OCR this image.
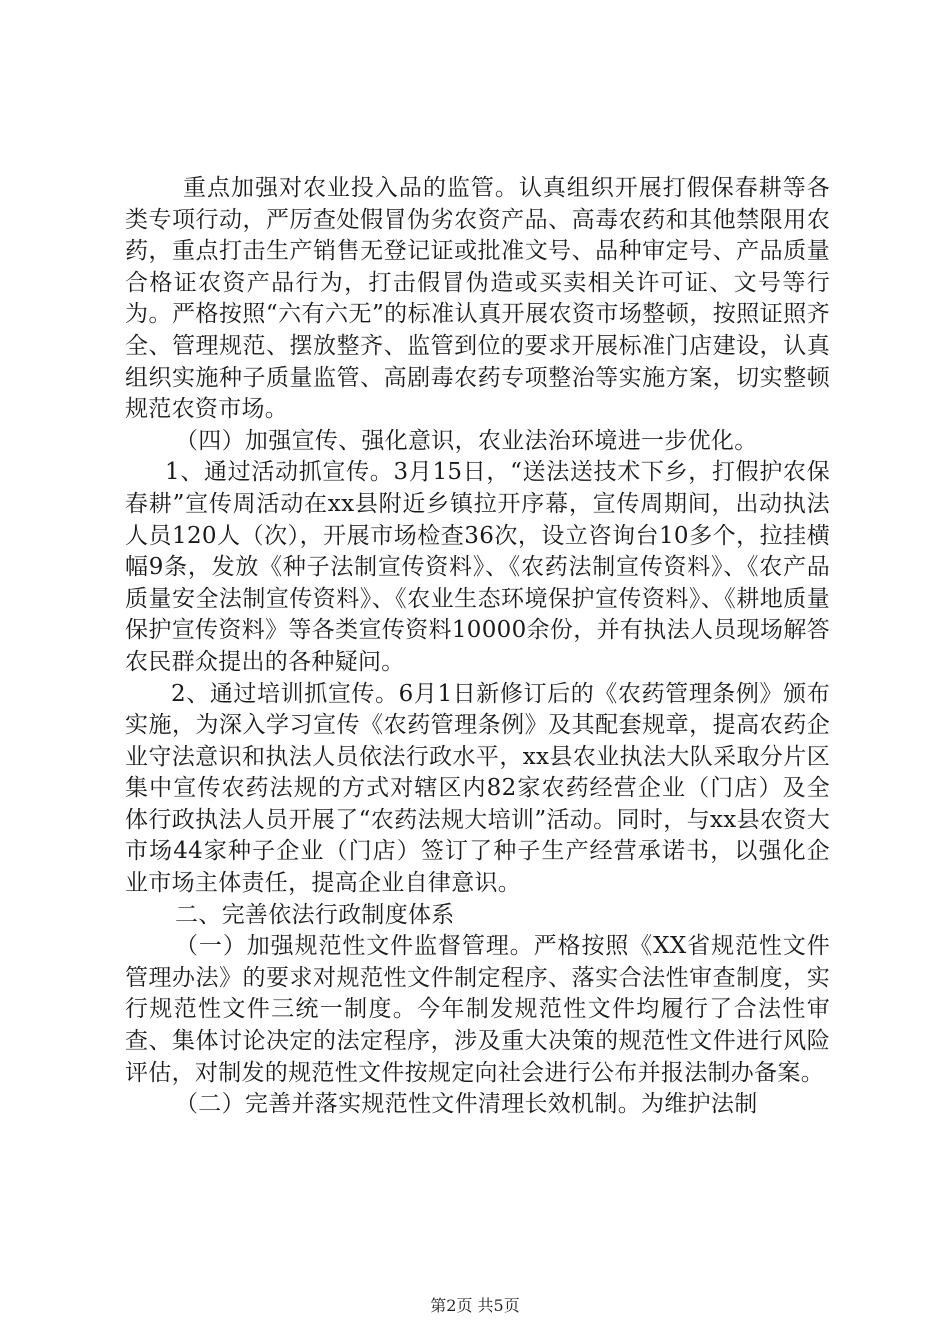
重点加强对农业投入品的监管。认真组织开展打假保春耕等各类专项行动，严厉查处假冒伪劣农资产品、高毒农药和其他禁限用农药，重点打击生产销售无登记证或批准文号、品种审定号、产品质量合格证农资产品行为，打击假冒伪造或买卖相关许可证、文号等行为。严格按照“六有六无”的标准认真开展农资市场整顿，按照证照齐全、管理规范、摆放整齐、监管到位的要求开展标准门店建设，认真组织实施种子质量监管、高剧毒农药专项整治等实施方案，切实整顿规范农资市场。

（四）加强宣传、强化意识，农业法治环境进一步优化。

1、通过活动抓宣传。3月15日，“送法送技术下乡，打假护农保春耕”宣传周活动在xx县附近乡镇拉开序幕，宣传周期间，出动执法人员120人（次），开展市场检查36次，设立咨询台10多个，拉挂横幅9条，发放《种子法制宣传资料》、《农药法制宣传资料》、《农产品质量安全法制宣传资料》、《农业生态环境保护宣传资料》、《耕地质量保护宣传资料》等各类宣传资料10000余份，并有执法人员现场解答农民群众提出的各种疑问。

2、通过培训抓宣传。6月1日新修订后的《农药管理条例》颁布实施，为深入学习宣传《农药管理条例》及其配套规章，提高农药企业守法意识和执法人员依法行政水平，xx县农业执法大队采取分片区集中宣传农药法规的方式对辖区内82家农药经营企业（门店）及全体行政执法人员开展了“农药法规大培训”活动。同时，与xx县农资大市场44家种子企业（门店）签订了种子生产经营承诺书，以强化企业市场主体责任，提高企业自律意识。

二、完善依法行政制度体系

（一）加强规范性文件监督管理。严格按照《XX省规范性文件管理办法》的要求对规范性文件制定程序、落实合法性审查制度，实行规范性文件三统一制度。今年制发规范性文件均履行了合法性审查、集体讨论决定的法定程序，涉及重大决策的规范性文件进行风险评估，对制发的规范性文件按规定向社会进行公布并报法制办备案。

（二）完善并落实规范性文件清理长效机制。为维护法制

第2页 共5页
